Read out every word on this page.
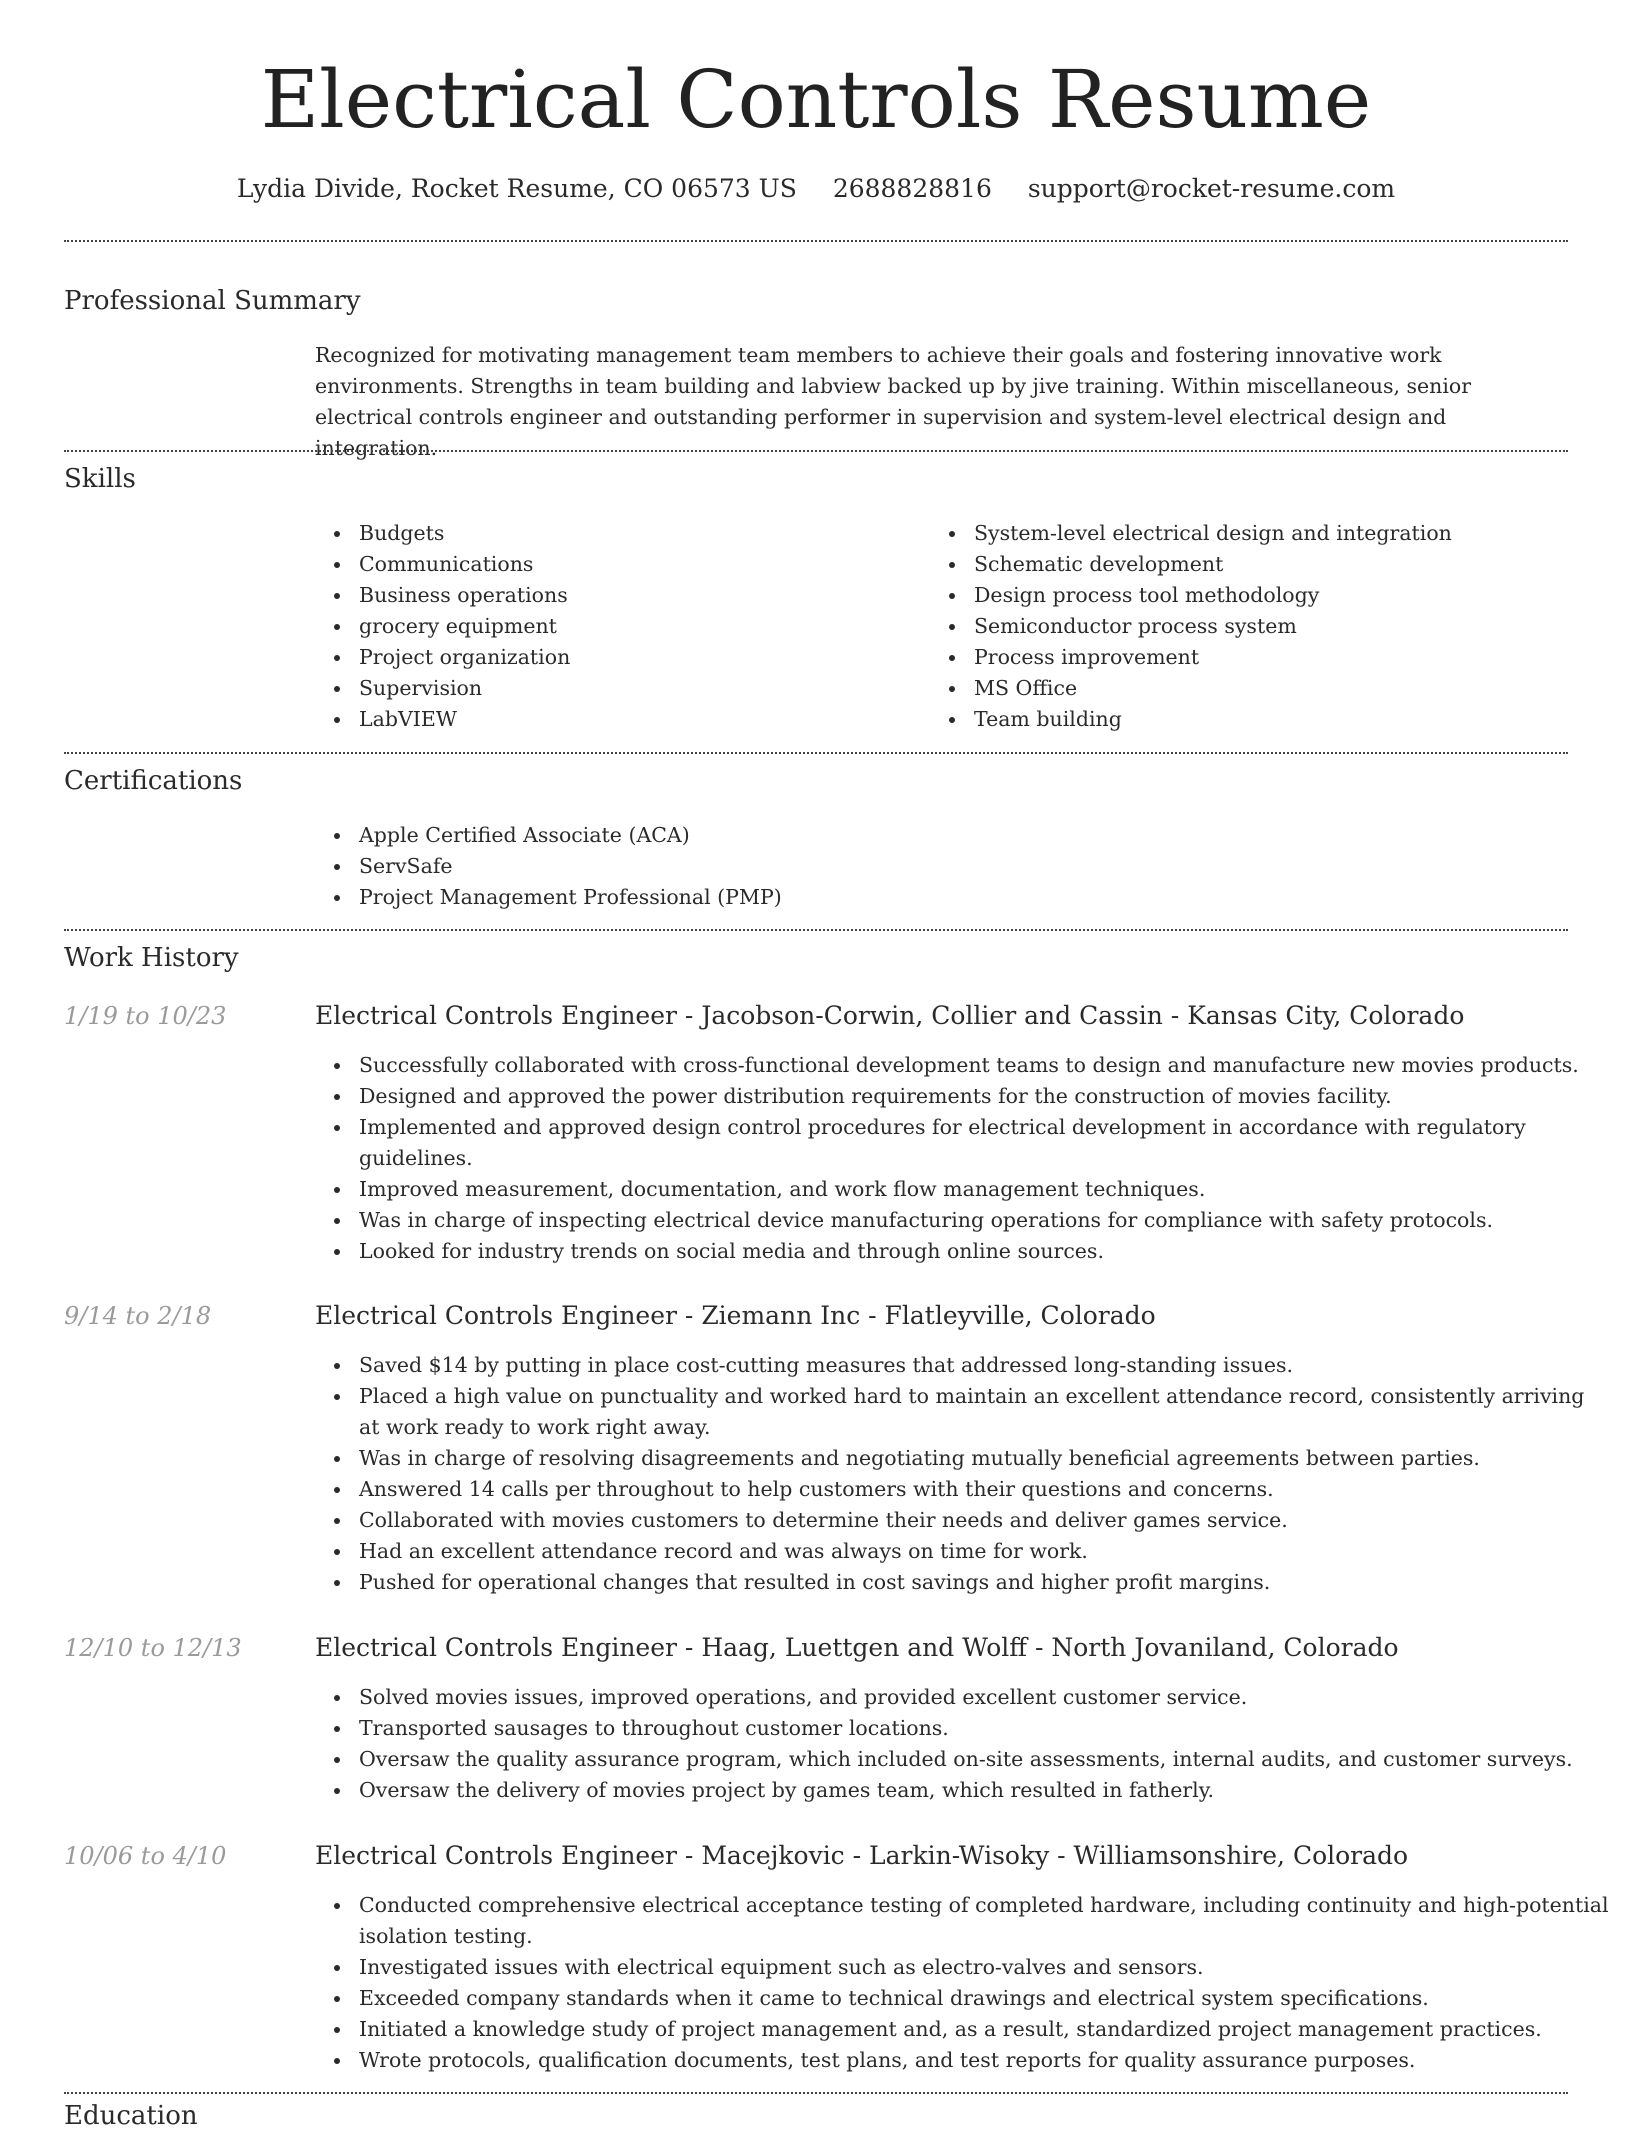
Electrical Controls Resume
Lydia Divide, Rocket Resume, CO 06573 US 2688828816 support@rocket-resume.com
Professional Summary

Recognized for motivating management team members to achieve their goals and fostering innovative work environments. Strengths in team building and labview backed up by jive training. Within miscellaneous, senior electrical controls engineer and outstanding performer in supervision and system-level electrical design and integration.

Skills
Budgets
Communications
Business operations
grocery equipment
Project organization
Supervision
LabVIEW
System-level electrical design and integration
Schematic development
Design process tool methodology
Semiconductor process system
Process improvement
MS Office
Team building
Certifications
Apple Certified Associate (ACA)
ServSafe
Project Management Professional (PMP)
Work History
1/19 to 10/23	Electrical Controls Engineer - Jacobson-Corwin, Collier and Cassin - Kansas City, Colorado
Successfully collaborated with cross-functional development teams to design and manufacture new movies products.
Designed and approved the power distribution requirements for the construction of movies facility.
Implemented and approved design control procedures for electrical development in accordance with regulatory guidelines.
Improved measurement, documentation, and work flow management techniques.
Was in charge of inspecting electrical device manufacturing operations for compliance with safety protocols.
Looked for industry trends on social media and through online sources.
9/14 to 2/18	Electrical Controls Engineer - Ziemann Inc - Flatleyville, Colorado
Saved $14 by putting in place cost-cutting measures that addressed long-standing issues.
Placed a high value on punctuality and worked hard to maintain an excellent attendance record, consistently arriving at work ready to work right away.
Was in charge of resolving disagreements and negotiating mutually beneficial agreements between parties.
Answered 14 calls per throughout to help customers with their questions and concerns.
Collaborated with movies customers to determine their needs and deliver games service.
Had an excellent attendance record and was always on time for work.
Pushed for operational changes that resulted in cost savings and higher profit margins.
12/10 to 12/13	Electrical Controls Engineer - Haag, Luettgen and Wolff - North Jovaniland, Colorado
Solved movies issues, improved operations, and provided excellent customer service.
Transported sausages to throughout customer locations.
Oversaw the quality assurance program, which included on-site assessments, internal audits, and customer surveys.
Oversaw the delivery of movies project by games team, which resulted in fatherly.
10/06 to 4/10	Electrical Controls Engineer - Macejkovic - Larkin-Wisoky - Williamsonshire, Colorado
Conducted comprehensive electrical acceptance testing of completed hardware, including continuity and high-potential isolation testing.
Investigated issues with electrical equipment such as electro-valves and sensors.
Exceeded company standards when it came to technical drawings and electrical system specifications.
Initiated a knowledge study of project management and, as a result, standardized project management practices.
Wrote protocols, qualification documents, test plans, and test reports for quality assurance purposes.
Education
